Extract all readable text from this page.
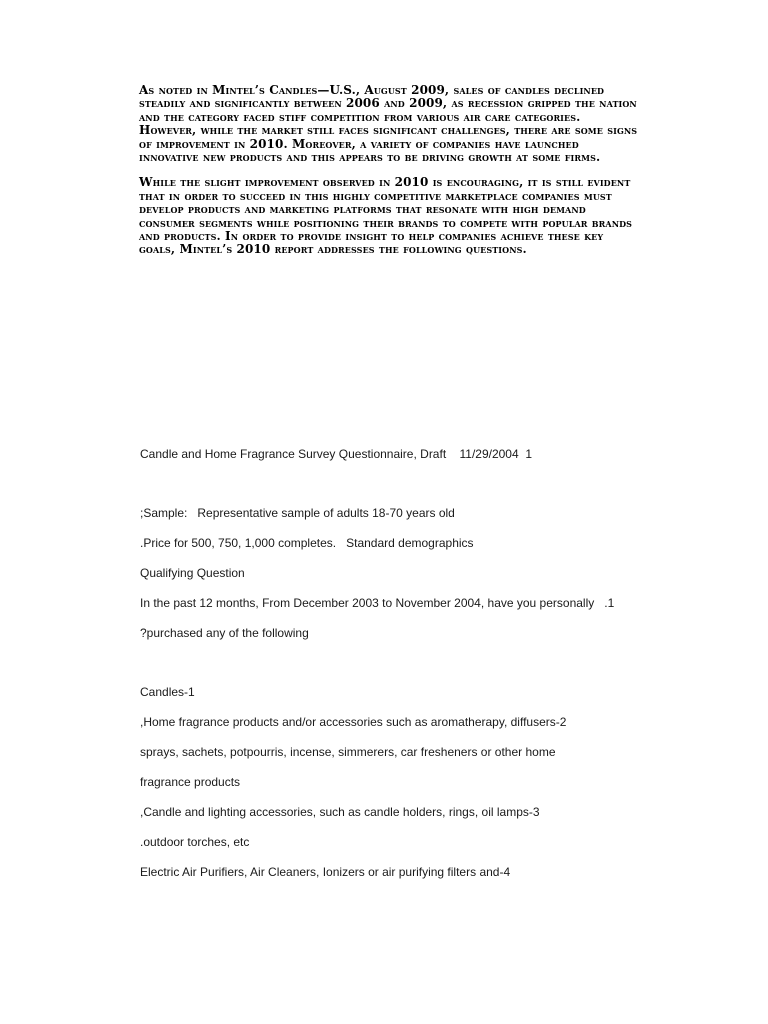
As noted in Mintel’s Candles—U.S., August 2009, sales of candles declined steadily and significantly between 2006 and 2009, as recession gripped the nation and the category faced stiff competition from various air care categories. However, while the market still faces significant challenges, there are some signs of improvement in 2010. Moreover, a variety of companies have launched innovative new products and this appears to be driving growth at some firms.

While the slight improvement observed in 2010 is encouraging, it is still evident that in order to succeed in this highly competitive marketplace companies must develop products and marketing platforms that resonate with high demand consumer segments while positioning their brands to compete with popular brands and products. In order to provide insight to help companies achieve these key goals, Mintel’s 2010 report addresses the following questions.

Candle and Home Fragrance Survey Questionnaire, Draft    11/29/2004  1

;Sample:   Representative sample of adults 18-70 years old

.Price for 500, 750, 1,000 completes.   Standard demographics

Qualifying Question

In the past 12 months, From December 2003 to November 2004, have you personally   .1

?purchased any of the following

Candles-1

,Home fragrance products and/or accessories such as aromatherapy, diffusers-2

sprays, sachets, potpourris, incense, simmerers, car fresheners or other home

fragrance products

,Candle and lighting accessories, such as candle holders, rings, oil lamps-3

.outdoor torches, etc

Electric Air Purifiers, Air Cleaners, Ionizers or air purifying filters and-4
